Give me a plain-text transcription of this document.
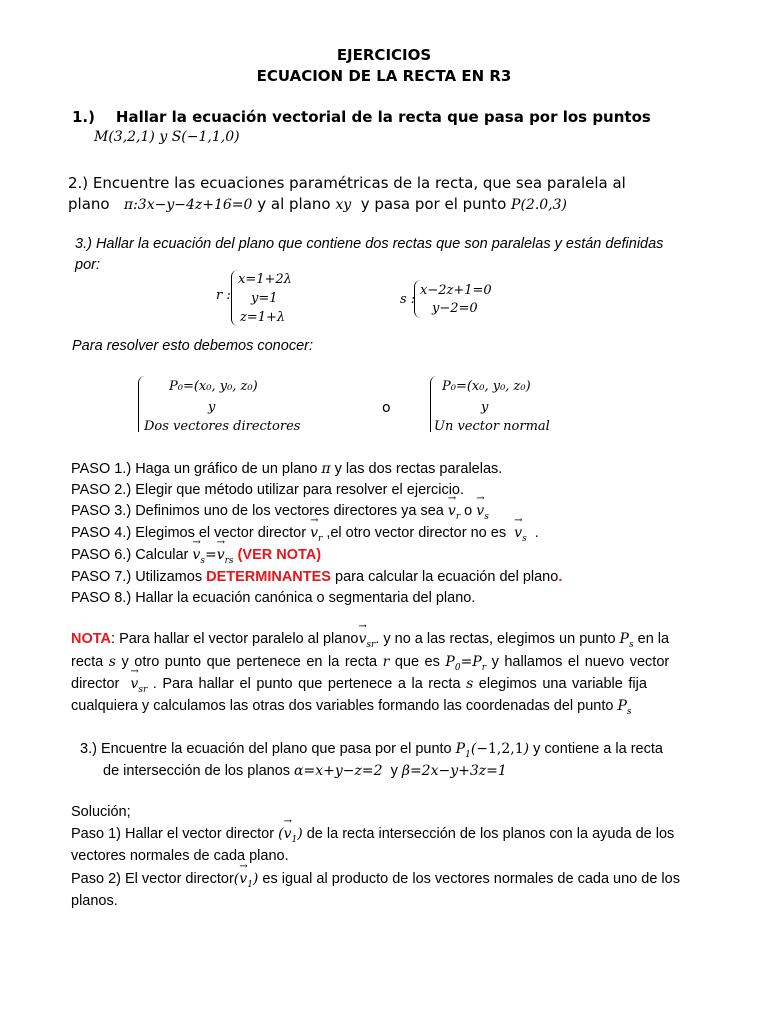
EJERCICIOS
ECUACION DE LA RECTA EN R3
1.) Hallar la ecuación vectorial de la recta que pasa por los puntos
M(3,2,1) y S(−1,1,0)
2.) Encuentre las ecuaciones paramétricas de la recta, que sea paralela al
plano π:3x−y−4z+16=0 y al plano xy y pasa por el punto P(2.0,3)
3.) Hallar la ecuación del plano que contiene dos rectas que son paralelas y están definidas
por:
r :
x=1+2λ
y=1
z=1+λ
s :
x−2z+1=0
y−2=0
Para resolver esto debemos conocer:
P₀=(x₀, y₀, z₀)
y
Dos vectores directores
o
P₀=(x₀, y₀, z₀)
y
Un vector normal
PASO 1.) Haga un gráfico de un plano π y las dos rectas paralelas.
PASO 2.) Elegir que método utilizar para resolver el ejercicio.
PASO 3.) Definimos uno de los vectores directores ya sea → $v_r$ $o \to v_s$
PASO 4.) Elegimos el vector director → $v_r$ ,el otro vector director no es → $v_s$ .
PASO 6.) Calcular → $v_s=\to v_{rs}$ (VER NOTA)
PASO 7.) Utilizamos DETERMINANTES para calcular la ecuación del plano.
PASO 8.) Hallar la ecuación canónica o segmentaria del plano.
NOTA: Para hallar el vector paralelo al plano→ $v_{sr}$. y no a las rectas, elegimos un punto $P_s$ en la
recta s y otro punto que pertenece en la recta r que es $P_0=P_r$ y hallamos el nuevo vector
director → $v_{sr}$ . Para hallar el punto que pertenece a la recta s elegimos una variable fija
cualquiera y calculamos las otras dos variables formando las coordenadas del punto $P_s$
3.) Encuentre la ecuación del plano que pasa por el punto $P_1(-1,2,1)$ y contiene a la recta
de intersección de los planos α=x+y−z=2 y β=2x−y+3z=1
Solución;
Paso 1) Hallar el vector director (→ $v_1$) de la recta intersección de los planos con la ayuda de los
vectores normales de cada plano.
Paso 2) El vector director(→ $v_1$) es igual al producto de los vectores normales de cada uno de los
planos.
